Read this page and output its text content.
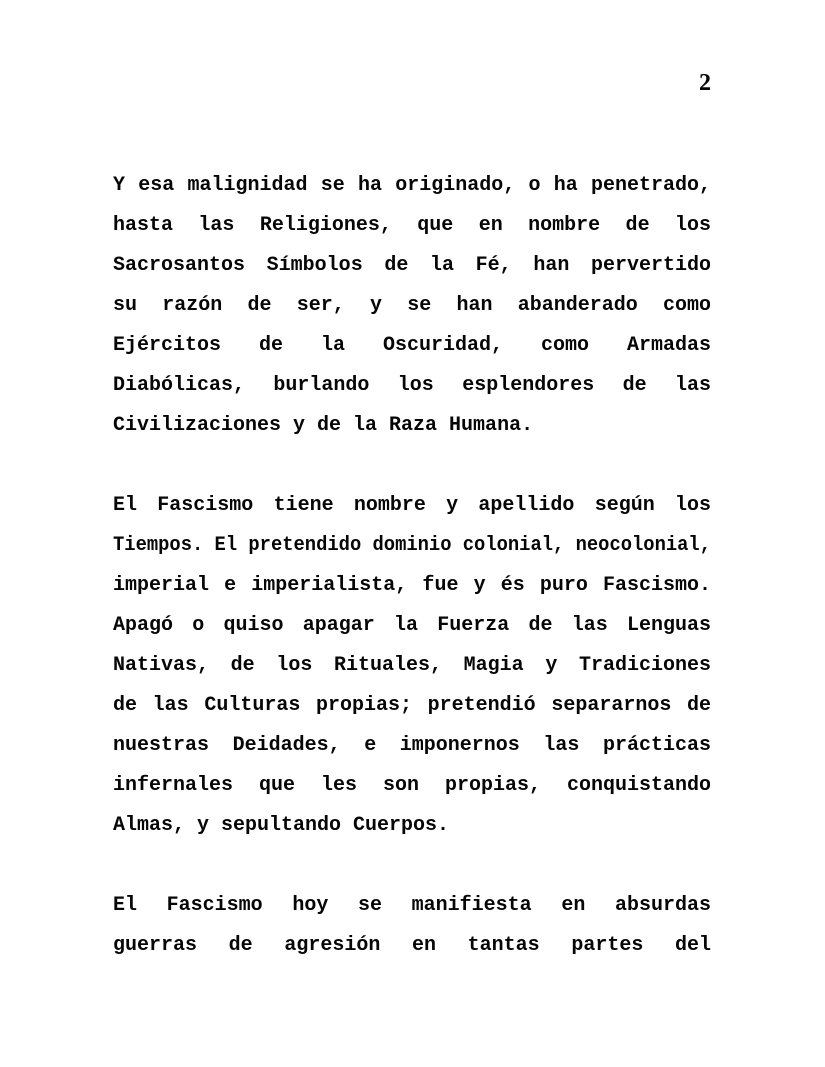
2
Y esa malignidad se ha originado, o ha penetrado,
hasta las Religiones, que en nombre de los
Sacrosantos Símbolos de la Fé, han pervertido
su razón de ser, y se han abanderado como
Ejércitos de la Oscuridad, como Armadas
Diabólicas, burlando los esplendores de las
Civilizaciones y de la Raza Humana.
El Fascismo tiene nombre y apellido según los
Tiempos. El pretendido dominio colonial, neocolonial,
imperial e imperialista, fue y és puro Fascismo.
Apagó o quiso apagar la Fuerza de las Lenguas
Nativas, de los Rituales, Magia y Tradiciones
de las Culturas propias; pretendió separarnos de
nuestras Deidades, e imponernos las prácticas
infernales que les son propias, conquistando
Almas, y sepultando Cuerpos.
El Fascismo hoy se manifiesta en absurdas
guerras de agresión en tantas partes del
